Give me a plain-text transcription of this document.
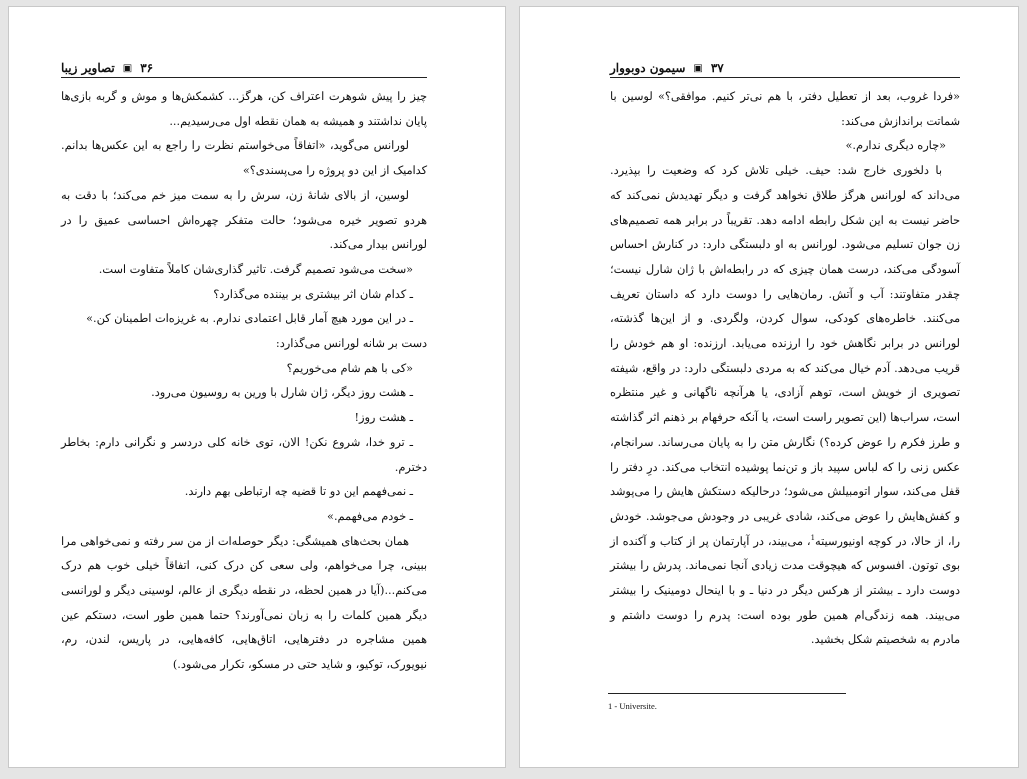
۳۶
▣
تصاویر زیبا

چیز را پیش شوهرت اعتراف کن، هرگز... کشمکش‌ها و موش و گربه بازی‌ها پایان نداشتند و همیشه به همان نقطه اول می‌رسیدیم...

لورانس می‌گوید، «اتفاقاً می‌خواستم نظرت را راجع به این عکس‌ها بدانم. کدامیک از این دو پروژه را می‌پسندی؟»

لوسین، از بالای شانهٔ زن، سرش را به سمت میز خم می‌کند؛ با دقت به هردو تصویر خیره می‌شود؛ حالت متفکر چهره‌اش احساسی عمیق را در لورانس بیدار می‌کند.

«سخت می‌شود تصمیم گرفت. تاثیر گذاری‌شان کاملاً متفاوت است.

ـ کدام شان اثر بیشتری بر بیننده می‌گذارد؟

ـ در این مورد هیچ آمار قابل اعتمادی ندارم. به غریزه‌ات اطمینان کن.»

دست بر شانه لورانس می‌گذارد:

«کی با هم شام می‌خوریم؟

ـ هشت روز دیگر، ژان شارل با ورین به روسیون می‌رود.

ـ هشت روز!

ـ ترو خدا، شروع نکن! الان، توی خانه کلی دردسر و نگرانی دارم: بخاطر دخترم.

ـ نمی‌فهمم این دو تا قضیه چه ارتباطی بهم دارند.

ـ خودم می‌فهمم.»

همان بحث‌های همیشگی: دیگر حوصله‌ات از من سر رفته و نمی‌خواهی مرا ببینی، چرا می‌خواهم، ولی سعی کن درک کنی، اتفاقاً خیلی خوب هم درک می‌کنم...(آیا در همین لحظه، در نقطه دیگری از عالم، لوسینی دیگر و لورانسی دیگر همین کلمات را به زبان نمی‌آورند؟ حتما همین طور است، دستکم عین همین مشاجره در دفترهایی، اتاق‌هایی، کافه‌هایی، در پاریس، لندن، رم، نیویورک، توکیو، و شاید حتی در مسکو، تکرار می‌شود.)

۳۷
▣
سیمون دوبووار

«فردا غروب، بعد از تعطیل دفتر، با هم نی‌تر کنیم. موافقی؟» لوسین با شماتت براندازش می‌کند:

«چاره دیگری ندارم.»

با دلخوری خارج شد: حیف. خیلی تلاش کرد که وضعیت را بپذیرد. می‌داند که لورانس هرگز طلاق نخواهد گرفت و دیگر تهدیدش نمی‌کند که حاضر نیست به این شکل رابطه ادامه دهد. تقریباً در برابر همه تصمیم‌های زن جوان تسلیم می‌شود. لورانس به او دلبستگی دارد: در کنارش احساس آسودگی می‌کند، درست همان چیزی که در رابطه‌اش با ژان شارل نیست؛ چقدر متفاوتند: آب و آتش. رمان‌هایی را دوست دارد که داستان تعریف می‌کنند. خاطره‌های کودکی، سوال کردن، ولگردی. و از این‌ها گذشته، لورانس در برابر نگاهش خود را ارزنده می‌یابد. ارزنده: او هم خودش را قریب می‌دهد. آدم خیال می‌کند که به مردی دلبستگی دارد: در واقع، شیفته تصویری از خویش است، توهم آزادی، یا هرآنچه ناگهانی و غیر منتظره است، سراب‌ها (این تصویر راست است، یا آنکه حرفهام بر ذهنم اثر گذاشته و طرز فکرم را عوض کرده؟) نگارش متن را به پایان می‌رساند. سرانجام، عکس زنی را که لباس سپید باز و تن‌نما پوشیده انتخاب می‌کند. درِ دفتر را قفل می‌کند، سوار اتومبیلش می‌شود؛ درحالیکه دستکش هایش را می‌پوشد و کفش‌هایش را عوض می‌کند، شادی غریبی در وجودش می‌جوشد. خودش را، از حالا، در کوچه اونیورسیته$^1$، می‌بیند، در آپارتمان پر از کتاب و آکنده از بوی توتون. افسوس که هیچوقت مدت زیادی آنجا نمی‌ماند. پدرش را بیشتر دوست دارد ـ بیشتر از هرکس دیگر در دنیا ـ و با اینحال دومینیک را بیشتر می‌بیند. همه زندگی‌ام همین طور بوده است: پدرم را دوست داشتم و مادرم به شخصیتم شکل بخشید.

1 - Universite.
